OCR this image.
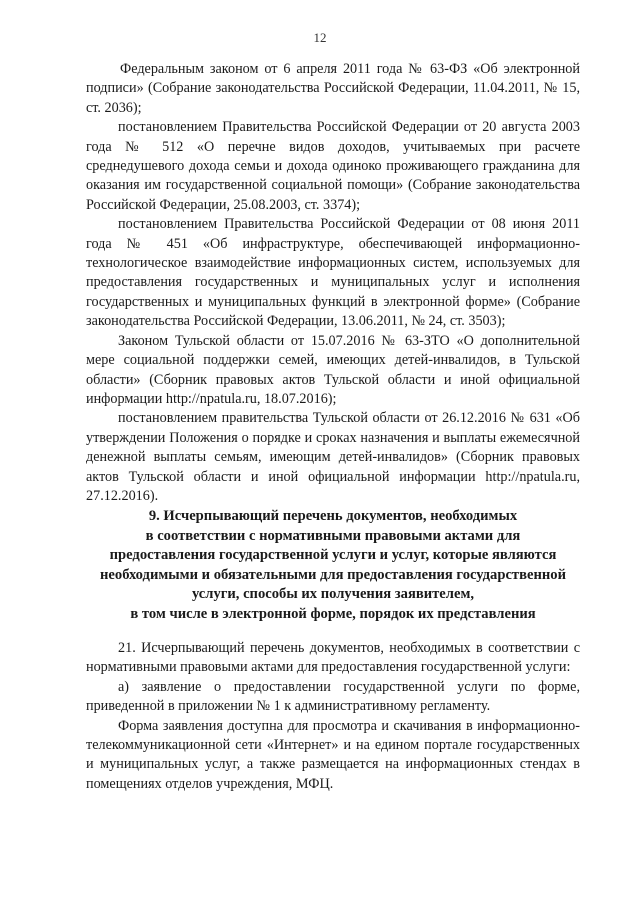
12

Федеральным законом от 6 апреля 2011 года № 63-ФЗ «Об электронной подписи» (Собрание законодательства Российской Федерации, 11.04.2011, № 15, ст. 2036);

постановлением Правительства Российской Федерации от 20 августа 2003 года № 512 «О перечне видов доходов, учитываемых при расчете среднедушевого дохода семьи и дохода одиноко проживающего гражданина для оказания им государственной социальной помощи» (Собрание законодательства Российской Федерации, 25.08.2003, ст. 3374);

постановлением Правительства Российской Федерации от 08 июня 2011 года № 451 «Об инфраструктуре, обеспечивающей информационно-технологическое взаимодействие информационных систем, используемых для предоставления государственных и муниципальных услуг и исполнения государственных и муниципальных функций в электронной форме» (Собрание законодательства Российской Федерации, 13.06.2011, № 24, ст. 3503);

Законом Тульской области от 15.07.2016 № 63-ЗТО «О дополнительной мере социальной поддержки семей, имеющих детей-инвалидов, в Тульской области» (Сборник правовых актов Тульской области и иной официальной информации http://npatula.ru, 18.07.2016);

постановлением правительства Тульской области от 26.12.2016 № 631 «Об утверждении Положения о порядке и сроках назначения и выплаты ежемесячной денежной выплаты семьям, имеющим детей-инвалидов» (Сборник правовых актов Тульской области и иной официальной информации http://npatula.ru, 27.12.2016).

9. Исчерпывающий перечень документов, необходимых
в соответствии с нормативными правовыми актами для
предоставления государственной услуги и услуг, которые являются
необходимыми и обязательными для предоставления государственной
услуги, способы их получения заявителем,
в том числе в электронной форме, порядок их представления

21. Исчерпывающий перечень документов, необходимых в соответствии с нормативными правовыми актами для предоставления государственной услуги:

а) заявление о предоставлении государственной услуги по форме, приведенной в приложении № 1 к административному регламенту.

Форма заявления доступна для просмотра и скачивания в информационно-телекоммуникационной сети «Интернет» и на едином портале государственных и муниципальных услуг, а также размещается на информационных стендах в помещениях отделов учреждения, МФЦ.
